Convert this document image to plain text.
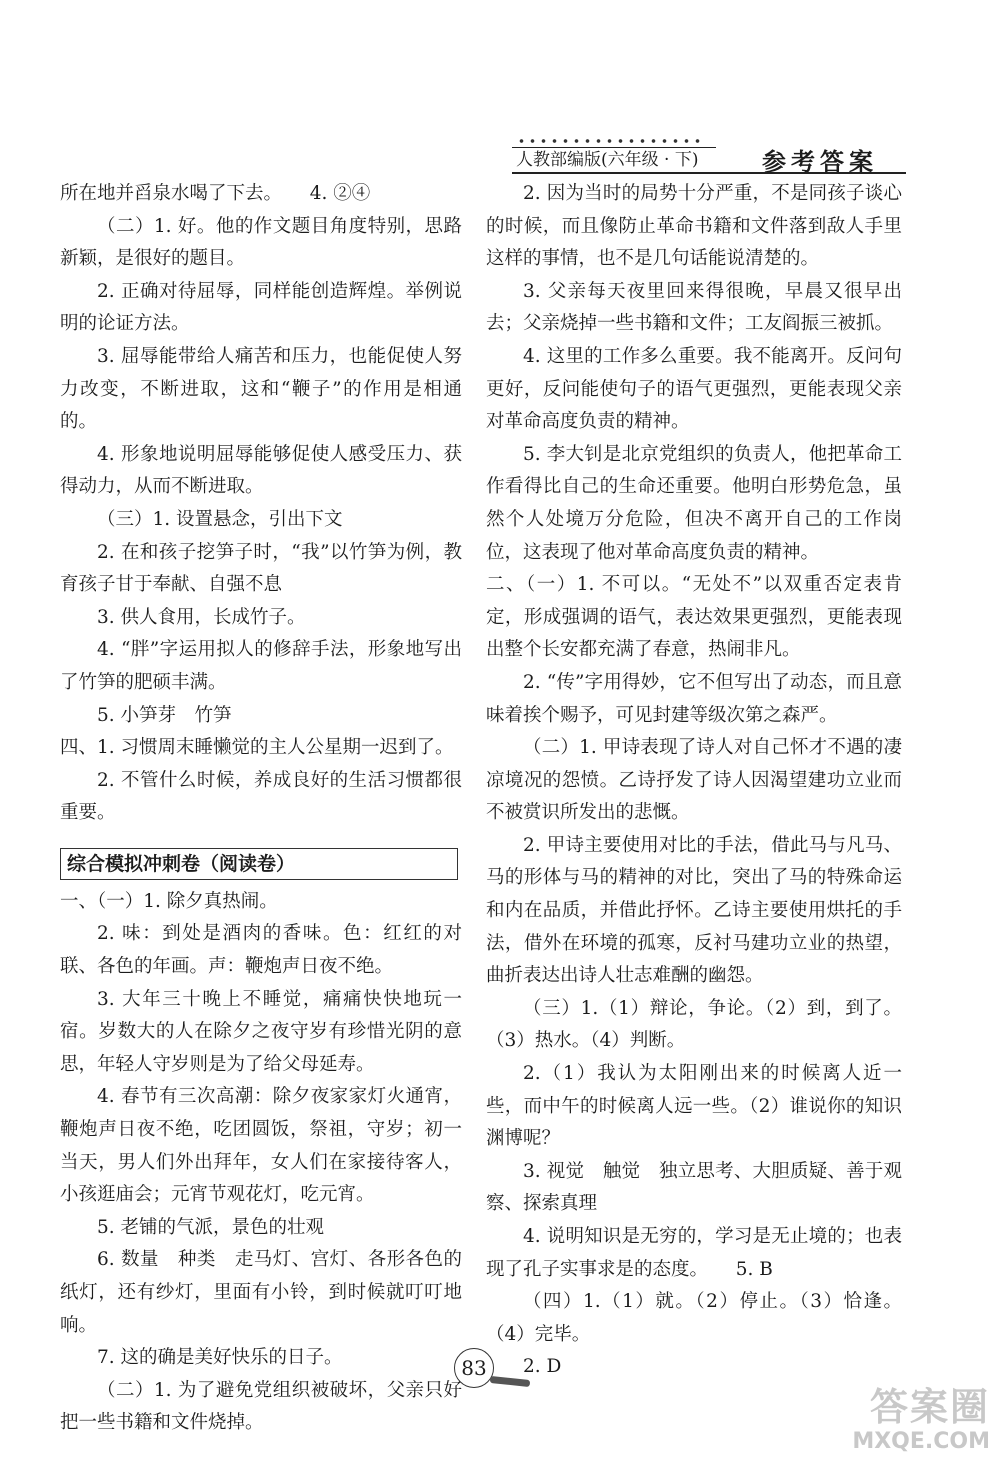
人教部编版(六年级 · 下)	参考答案

所在地并舀泉水喝了下去。　　4. ②④

（二）1. 好。他的作文题目角度特别，思路新颖，是很好的题目。

2. 正确对待屈辱，同样能创造辉煌。举例说明的论证方法。

3. 屈辱能带给人痛苦和压力，也能促使人努力改变，不断进取，这和“鞭子”的作用是相通的。

4. 形象地说明屈辱能够促使人感受压力、获得动力，从而不断进取。

（三）1. 设置悬念，引出下文

2. 在和孩子挖笋子时，“我”以竹笋为例，教育孩子甘于奉献、自强不息

3. 供人食用，长成竹子。

4. “胖”字运用拟人的修辞手法，形象地写出了竹笋的肥硕丰满。

5. 小笋芽　竹笋

四、1. 习惯周末睡懒觉的主人公星期一迟到了。

2. 不管什么时候，养成良好的生活习惯都很重要。

综合模拟冲刺卷（阅读卷）

一、（一）1. 除夕真热闹。

2. 味：到处是酒肉的香味。色：红红的对联、各色的年画。声：鞭炮声日夜不绝。

3. 大年三十晚上不睡觉，痛痛快快地玩一宿。岁数大的人在除夕之夜守岁有珍惜光阴的意思，年轻人守岁则是为了给父母延寿。

4. 春节有三次高潮：除夕夜家家灯火通宵，鞭炮声日夜不绝，吃团圆饭，祭祖，守岁；初一当天，男人们外出拜年，女人们在家接待客人，小孩逛庙会；元宵节观花灯，吃元宵。

5. 老铺的气派，景色的壮观

6. 数量　种类　走马灯、宫灯、各形各色的纸灯，还有纱灯，里面有小铃，到时候就叮叮地响。

7. 这的确是美好快乐的日子。

（二）1. 为了避免党组织被破坏，父亲只好把一些书籍和文件烧掉。

2. 因为当时的局势十分严重，不是同孩子谈心的时候，而且像防止革命书籍和文件落到敌人手里这样的事情，也不是几句话能说清楚的。

3. 父亲每天夜里回来得很晚，早晨又很早出去；父亲烧掉一些书籍和文件；工友阎振三被抓。

4. 这里的工作多么重要。我不能离开。反问句更好，反问能使句子的语气更强烈，更能表现父亲对革命高度负责的精神。

5. 李大钊是北京党组织的负责人，他把革命工作看得比自己的生命还重要。他明白形势危急，虽然个人处境万分危险，但决不离开自己的工作岗位，这表现了他对革命高度负责的精神。

二、（一）1. 不可以。“无处不”以双重否定表肯定，形成强调的语气，表达效果更强烈，更能表现出整个长安都充满了春意，热闹非凡。

2. “传”字用得妙，它不但写出了动态，而且意味着挨个赐予，可见封建等级次第之森严。

（二）1. 甲诗表现了诗人对自己怀才不遇的凄凉境况的怨愤。乙诗抒发了诗人因渴望建功立业而不被赏识所发出的悲慨。

2. 甲诗主要使用对比的手法，借此马与凡马、马的形体与马的精神的对比，突出了马的特殊命运和内在品质，并借此抒怀。乙诗主要使用烘托的手法，借外在环境的孤寒，反衬马建功立业的热望，曲折表达出诗人壮志难酬的幽怨。

（三）1.（1）辩论，争论。（2）到，到了。（3）热水。（4）判断。

2.（1）我认为太阳刚出来的时候离人近一些，而中午的时候离人远一些。（2）谁说你的知识渊博呢？

3. 视觉　触觉　独立思考、大胆质疑、善于观察、探索真理

4. 说明知识是无穷的，学习是无止境的；也表现了孔子实事求是的态度。　　5. B

（四）1.（1）就。（2）停止。（3）恰逢。（4）完毕。

2. D

83
答案圈
MXQE.COM
